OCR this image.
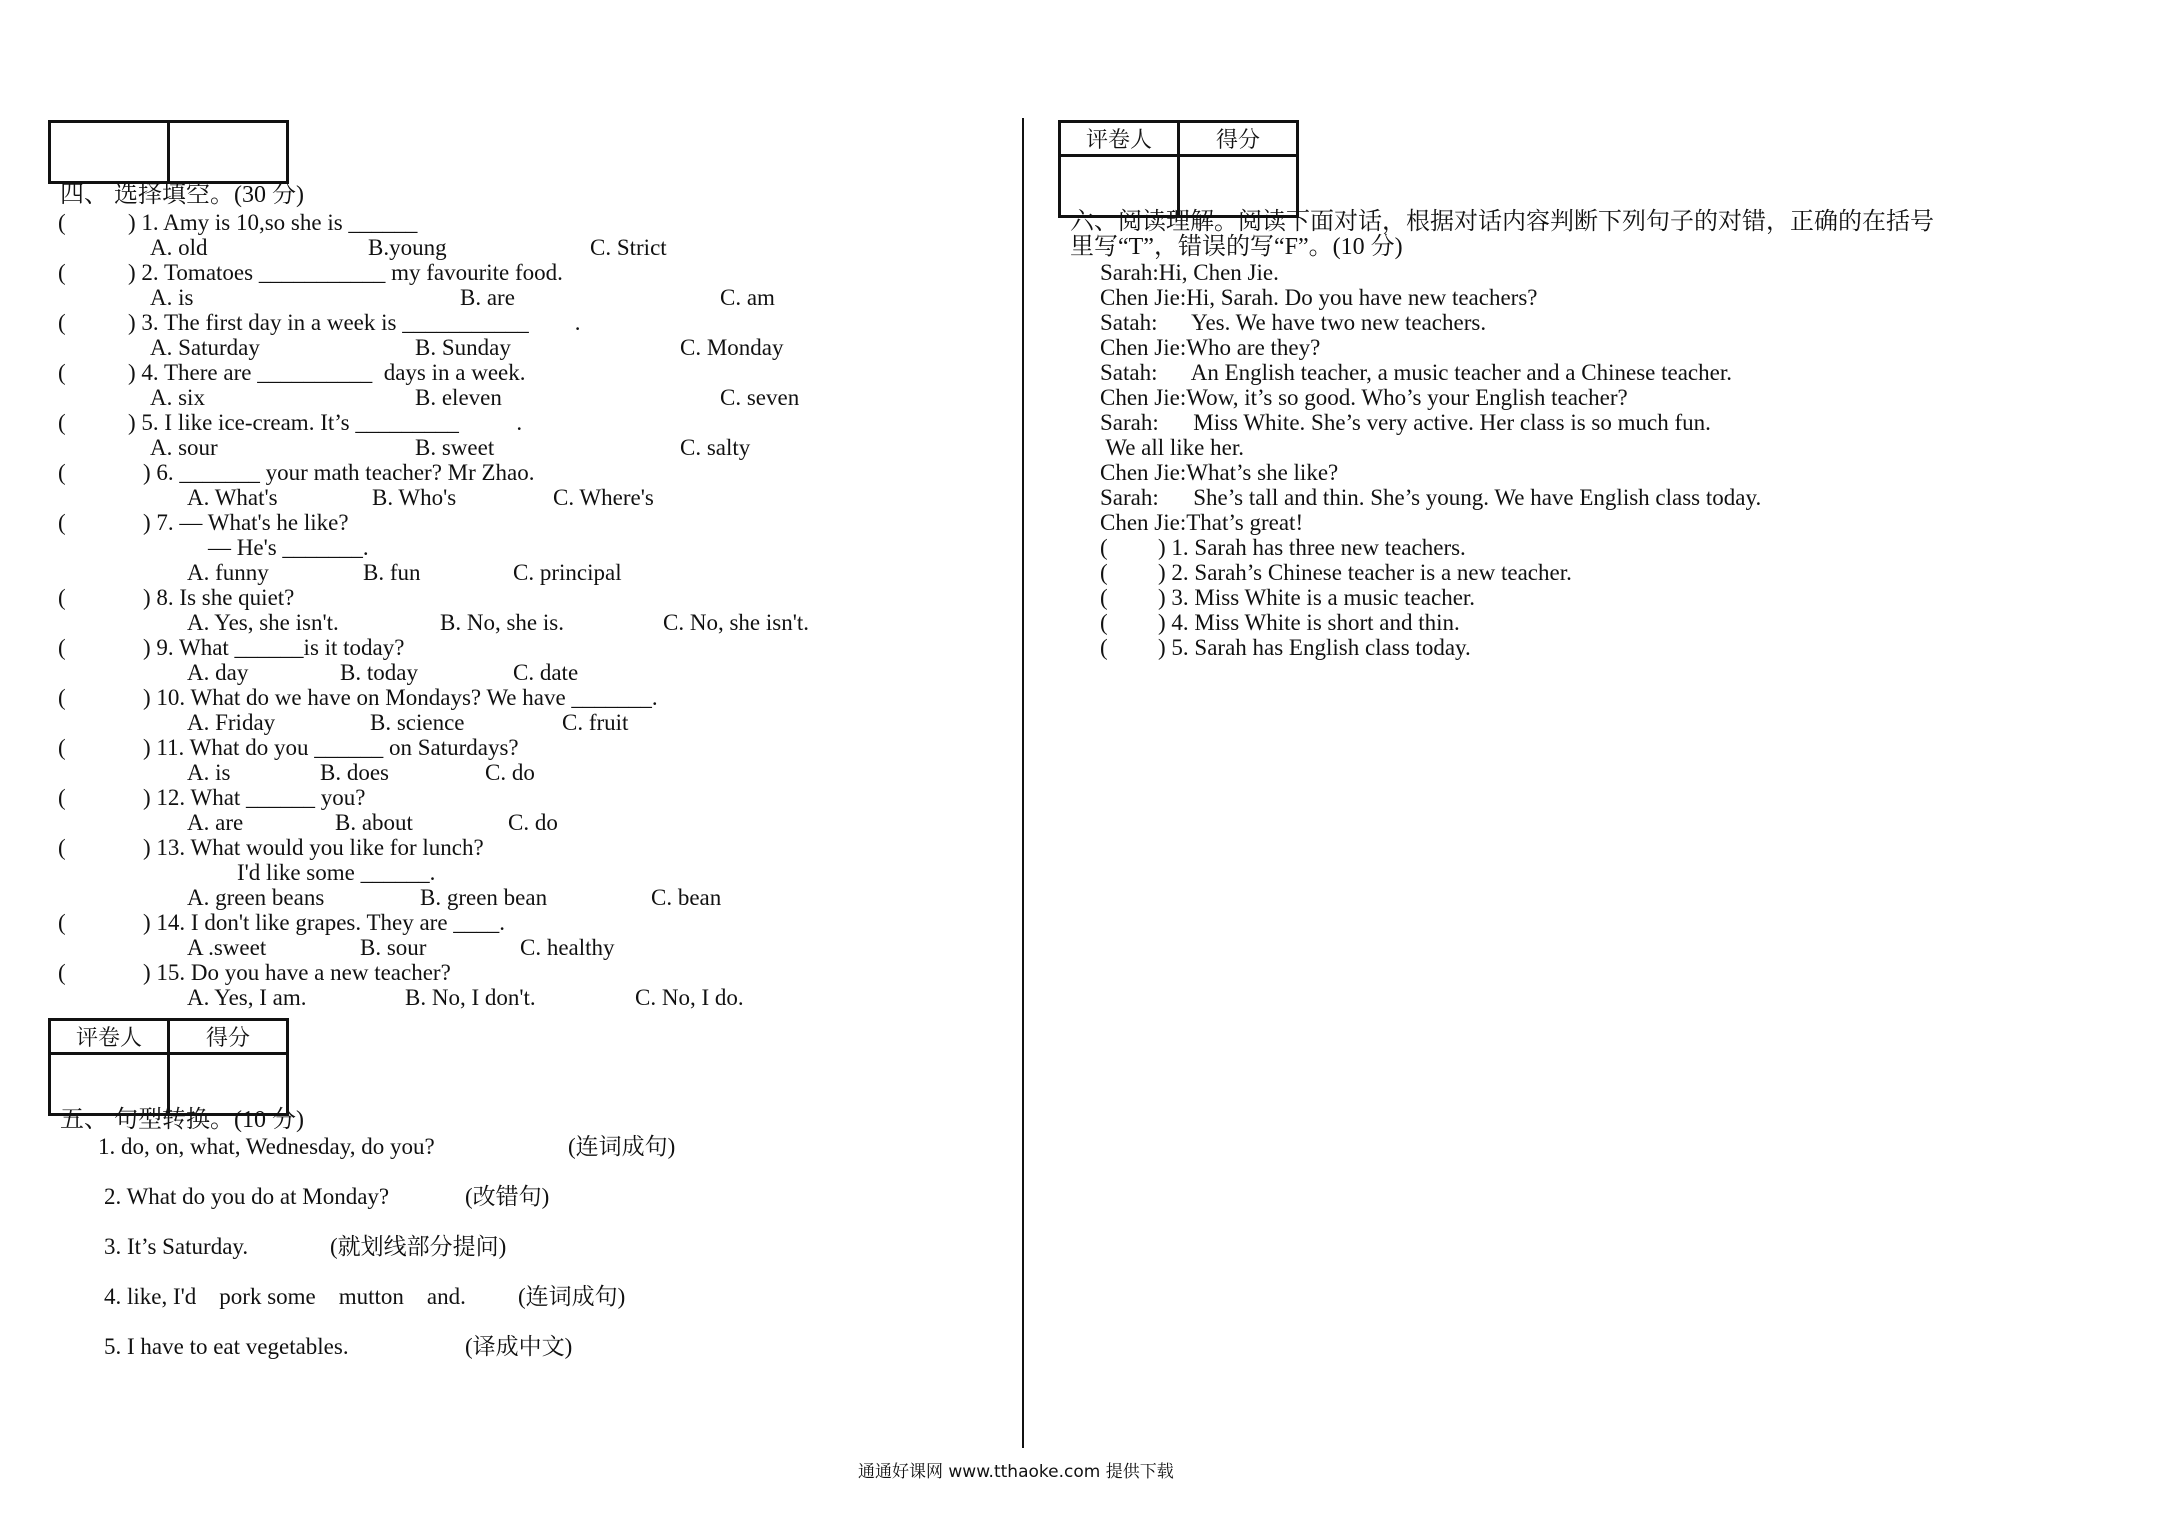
四、 选择填空。(30 分)
(	) 1. Amy is 10,so she is ______
A. old	B.young	C. Strict
(	) 2. Tomatoes ___________ my favourite food.
A. is	B. are	C. am
(	) 3. The first day in a week is ___________        .
A. Saturday	B. Sunday	C. Monday
(	) 4. There are __________  days in a week.
A. six	B. eleven	C. seven
(	) 5. I like ice-cream. It’s _________          .
A. sour	B. sweet	C. salty
(	) 6. _______ your math teacher? Mr Zhao.
A. What's	B. Who's	C. Where's
(	) 7. — What's he like?
— He's _______.
A. funny	B. fun	C. principal
(	) 8. Is she quiet?
A. Yes, she isn't.	B. No, she is.	C. No, she isn't.
(	) 9. What ______is it today?
A. day	B. today	C. date
(	) 10. What do we have on Mondays? We have _______.
A. Friday	B. science	C. fruit
(	) 11. What do you ______ on Saturdays?
A. is	B. does	C. do
(	) 12. What ______ you?
A. are	B. about	C. do
(	) 13. What would you like for lunch?
I'd like some ______.
A. green beans	B. green bean	C. bean
(	) 14. I don't like grapes. They are ____.
A .sweet	B. sour	C. healthy
(	) 15. Do you have a new teacher?
A. Yes, I am.	B. No, I don't.	C. No, I do.
评卷人	得分

五、 句型转换。(10 分)
1. do, on, what, Wednesday, do you?	(连词成句)
2. What do you do at Monday?	(改错句)
3. It’s Saturday.	(就划线部分提问)
4. like, I'd    pork some    mutton    and. (连词成句)
5. I have to eat vegetables.	(译成中文)
评卷人	得分

六、阅读理解。阅读下面对话，根据对话内容判断下列句子的对错，正确的在括号
里写“T”，错误的写“F”。(10 分)
Sarah:Hi, Chen Jie.
Chen Jie:Hi, Sarah. Do you have new teachers?
Satah:      Yes. We have two new teachers.
Chen Jie:Who are they?
Satah:      An English teacher, a music teacher and a Chinese teacher.
Chen Jie:Wow, it’s so good. Who’s your English teacher?
Sarah:      Miss White. She’s very active. Her class is so much fun.
We all like her.
Chen Jie:What’s she like?
Sarah:      She’s tall and thin. She’s young. We have English class today.
Chen Jie:That’s great!
( ) 1. Sarah has three new teachers.
( ) 2. Sarah’s Chinese teacher is a new teacher.
( ) 3. Miss White is a music teacher.
( ) 4. Miss White is short and thin.
( ) 5. Sarah has English class today.
通通好课网 www.tthaoke.com 提供下载
